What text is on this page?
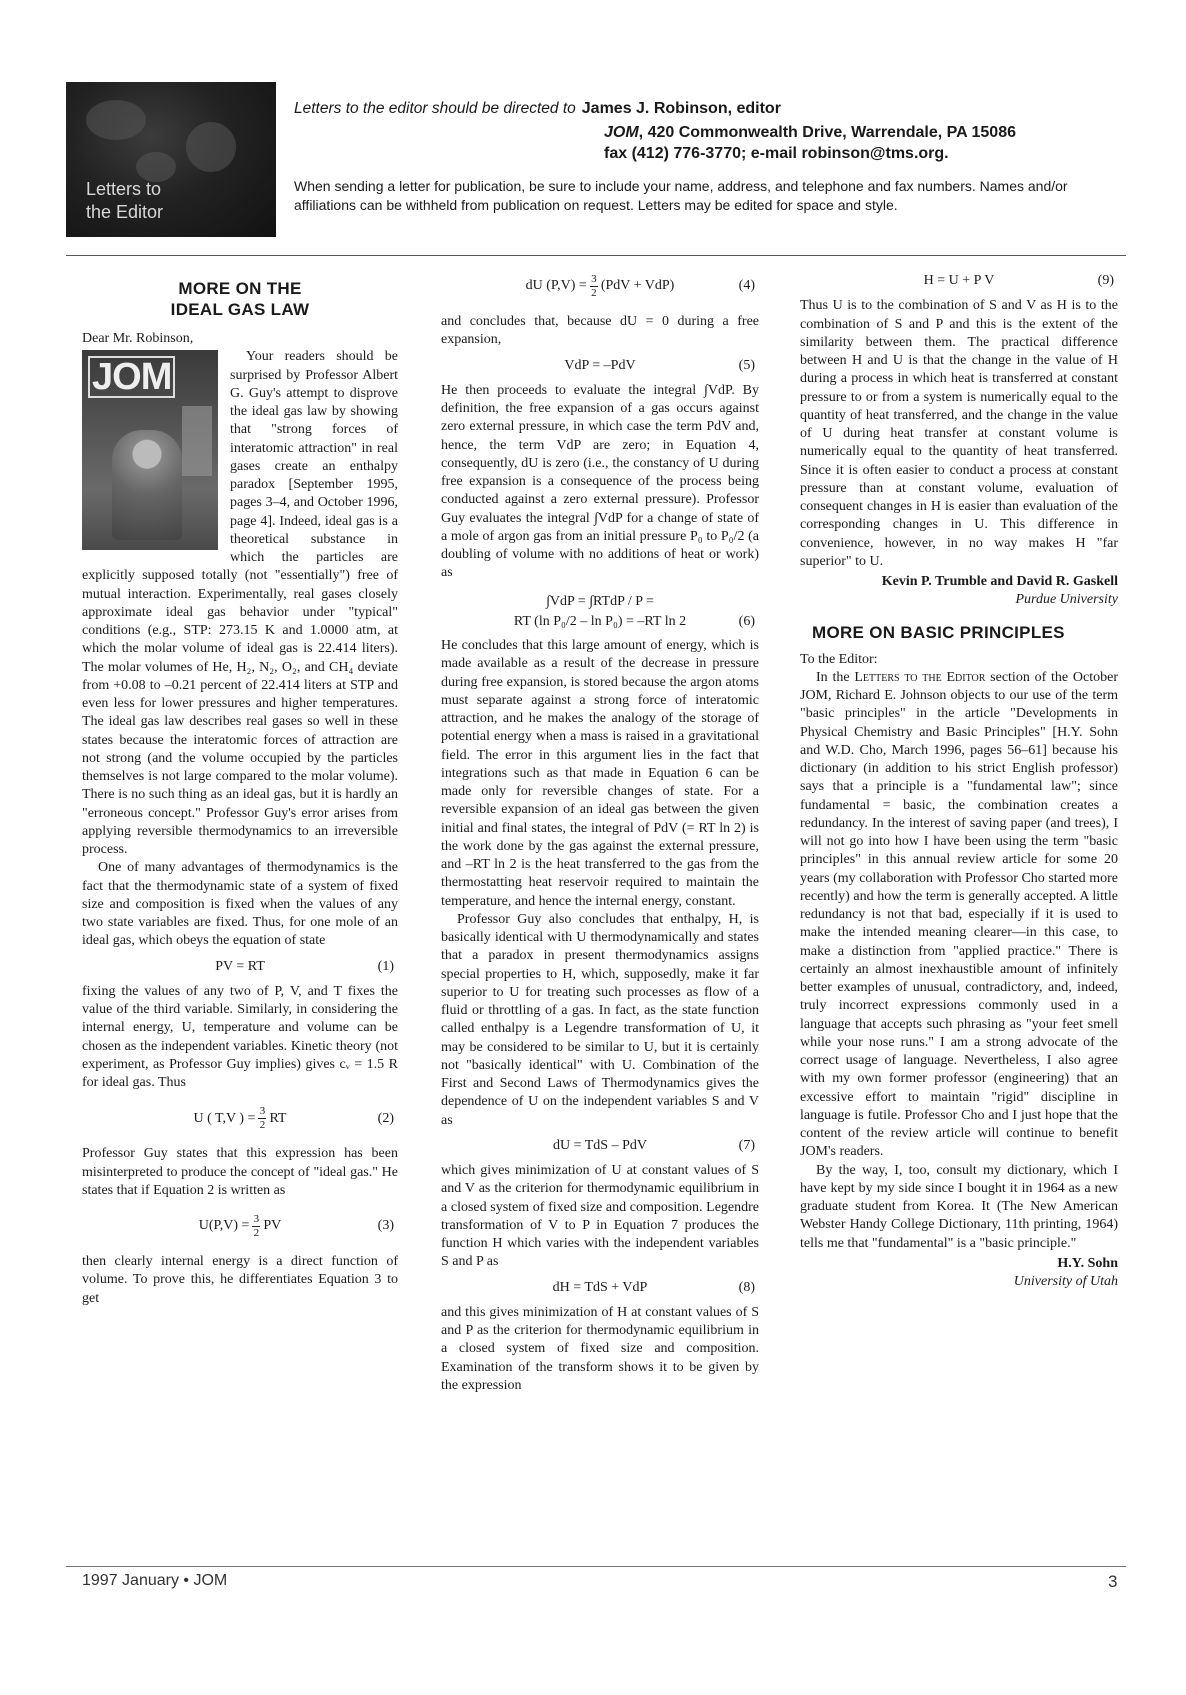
Letters to
the Editor
Letters to the editor should be directed to James J. Robinson, editor
JOM, 420 Commonwealth Drive, Warrendale, PA 15086
fax (412) 776-3770; e-mail robinson@tms.org.
When sending a letter for publication, be sure to include your name, address, and telephone and fax numbers. Names and/or affiliations can be withheld from publication on request. Letters may be edited for space and style.
MORE ON THE
IDEAL GAS LAW

Dear Mr. Robinson,

JOM	Your readers should be surprised by Professor Albert G. Guy's attempt to disprove the ideal gas law by showing that "strong forces of interatomic attraction" in real gases create an enthalpy paradox [September 1995, pages 3–4, and October 1996, page 4]. Indeed, ideal gas is a theoretical substance in which the particles are explicitly supposed totally (not "essentially") free of mutual interaction. Experimentally, real gases closely approximate ideal gas behavior under "typical" conditions (e.g., STP: 273.15 K and 1.0000 atm, at which the molar volume of ideal gas is 22.414 liters). The molar volumes of He, H₂, N₂, O₂, and CH₄ deviate from +0.08 to –0.21 percent of 22.414 liters at STP and even less for lower pressures and higher temperatures. The ideal gas law describes real gases so well in these states because the interatomic forces of attraction are not strong (and the volume occupied by the particles themselves is not large compared to the molar volume). There is no such thing as an ideal gas, but it is hardly an "erroneous concept." Professor Guy's error arises from applying reversible thermodynamics to an irreversible process.

One of many advantages of thermodynamics is the fact that the thermodynamic state of a system of fixed size and composition is fixed when the values of any two state variables are fixed. Thus, for one mole of an ideal gas, which obeys the equation of state

PV = RT	(1)

fixing the values of any two of P, V, and T fixes the value of the third variable. Similarly, in considering the internal energy, U, temperature and volume can be chosen as the independent variables. Kinetic theory (not experiment, as Professor Guy implies) gives cᵥ = 1.5 R for ideal gas. Thus

U ( T,V ) = $\frac{3}{2}$ RT	(2)

Professor Guy states that this expression has been misinterpreted to produce the concept of "ideal gas." He states that if Equation 2 is written as

$U(P,V) = \frac{3}{2}$ PV	(3)

then clearly internal energy is a direct function of volume. To prove this, he differentiates Equation 3 to get

dU $(P,V) = \frac{3}{2} (PdV + VdP)$	(4)

and concludes that, because dU = 0 during a free expansion,

VdP = –PdV	(5)

He then proceeds to evaluate the integral ∫VdP. By definition, the free expansion of a gas occurs against zero external pressure, in which case the term PdV and, hence, the term VdP are zero; in Equation 4, consequently, dU is zero (i.e., the constancy of U during free expansion is a consequence of the process being conducted against a zero external pressure). Professor Guy evaluates the integral ∫VdP for a change of state of a mole of argon gas from an initial pressure P₀ to P₀/2 (a doubling of volume with no additions of heat or work) as

∫VdP = ∫RTdP / P =
RT (ln P₀/2 – ln P₀) = –RT ln 2	(6)

He concludes that this large amount of energy, which is made available as a result of the decrease in pressure during free expansion, is stored because the argon atoms must separate against a strong force of interatomic attraction, and he makes the analogy of the storage of potential energy when a mass is raised in a gravitational field. The error in this argument lies in the fact that integrations such as that made in Equation 6 can be made only for reversible changes of state. For a reversible expansion of an ideal gas between the given initial and final states, the integral of PdV (= RT ln 2) is the work done by the gas against the external pressure, and –RT ln 2 is the heat transferred to the gas from the thermostatting heat reservoir required to maintain the temperature, and hence the internal energy, constant.

Professor Guy also concludes that enthalpy, H, is basically identical with U thermodynamically and states that a paradox in present thermodynamics assigns special properties to H, which, supposedly, make it far superior to U for treating such processes as flow of a fluid or throttling of a gas. In fact, as the state function called enthalpy is a Legendre transformation of U, it may be considered to be similar to U, but it is certainly not "basically identical" with U. Combination of the First and Second Laws of Thermodynamics gives the dependence of U on the independent variables S and V as

dU = TdS – PdV	(7)

which gives minimization of U at constant values of S and V as the criterion for thermodynamic equilibrium in a closed system of fixed size and composition. Legendre transformation of V to P in Equation 7 produces the function H which varies with the independent variables S and P as

dH = TdS + VdP	(8)

and this gives minimization of H at constant values of S and P as the criterion for thermodynamic equilibrium in a closed system of fixed size and composition. Examination of the transform shows it to be given by the expression

H = U + P V	(9)

Thus U is to the combination of S and V as H is to the combination of S and P and this is the extent of the similarity between them. The practical difference between H and U is that the change in the value of H during a process in which heat is transferred at constant pressure to or from a system is numerically equal to the quantity of heat transferred, and the change in the value of U during heat transfer at constant volume is numerically equal to the quantity of heat transferred. Since it is often easier to conduct a process at constant pressure than at constant volume, evaluation of consequent changes in H is easier than evaluation of the corresponding changes in U. This difference in convenience, however, in no way makes H "far superior" to U.

Kevin P. Trumble and David R. Gaskell
Purdue University
MORE ON BASIC PRINCIPLES

To the Editor:

In the Letters to the Editor section of the October JOM, Richard E. Johnson objects to our use of the term "basic principles" in the article "Developments in Physical Chemistry and Basic Principles" [H.Y. Sohn and W.D. Cho, March 1996, pages 56–61] because his dictionary (in addition to his strict English professor) says that a principle is a "fundamental law"; since fundamental = basic, the combination creates a redundancy. In the interest of saving paper (and trees), I will not go into how I have been using the term "basic principles" in this annual review article for some 20 years (my collaboration with Professor Cho started more recently) and how the term is generally accepted. A little redundancy is not that bad, especially if it is used to make the intended meaning clearer—in this case, to make a distinction from "applied practice." There is certainly an almost inexhaustible amount of infinitely better examples of unusual, contradictory, and, indeed, truly incorrect expressions commonly used in a language that accepts such phrasing as "your feet smell while your nose runs." I am a strong advocate of the correct usage of language. Nevertheless, I also agree with my own former professor (engineering) that an excessive effort to maintain "rigid" discipline in language is futile. Professor Cho and I just hope that the content of the review article will continue to benefit JOM's readers.

By the way, I, too, consult my dictionary, which I have kept by my side since I bought it in 1964 as a new graduate student from Korea. It (The New American Webster Handy College Dictionary, 11th printing, 1964) tells me that "fundamental" is a "basic principle."

H.Y. Sohn
University of Utah
1997 January • JOM	3
